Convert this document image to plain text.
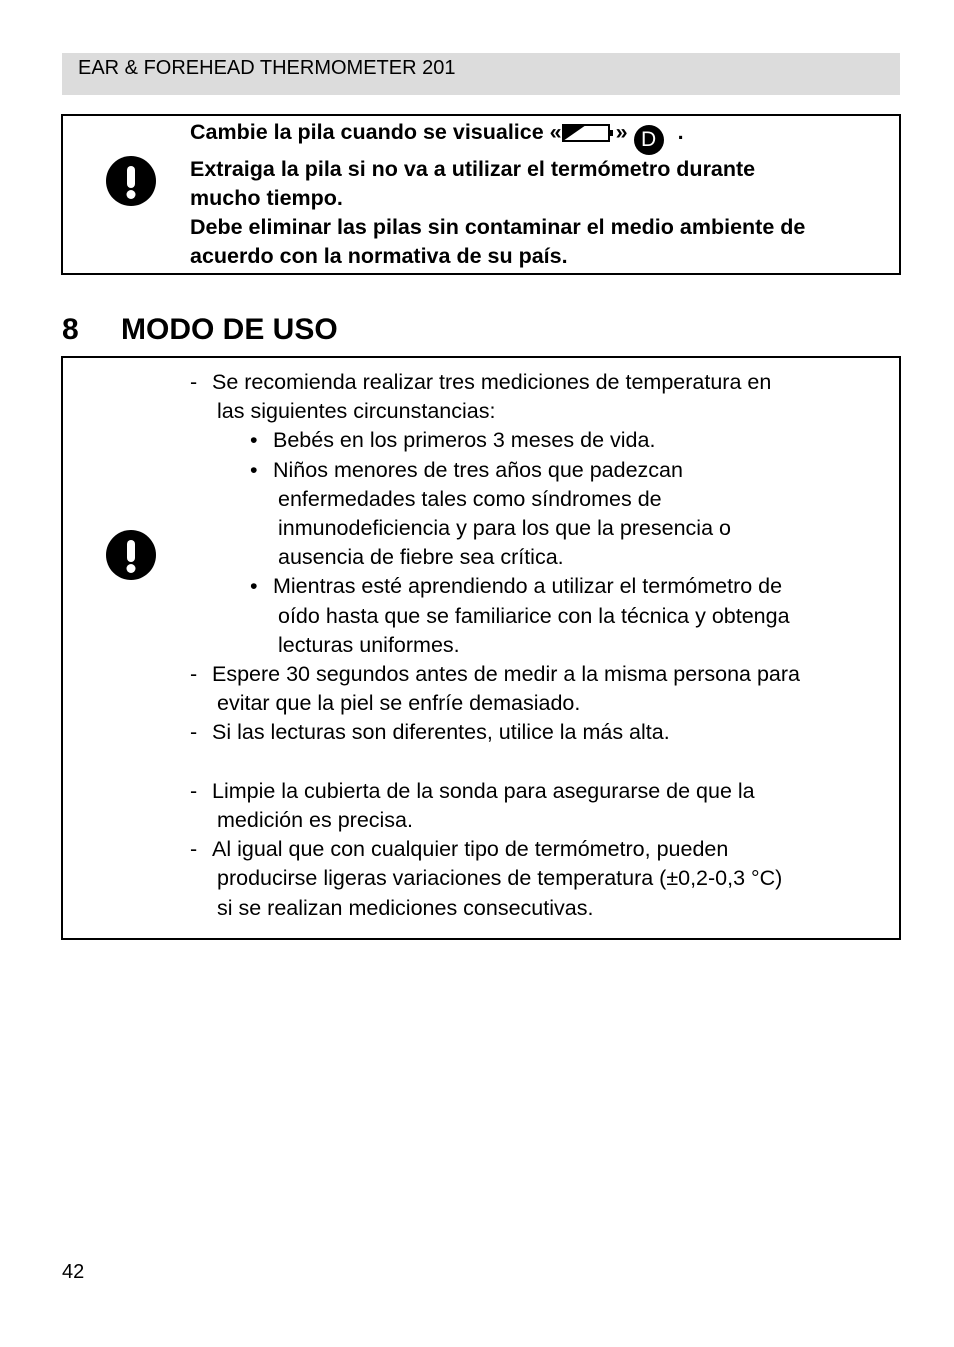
EAR & FOREHEAD THERMOMETER 201
Cambie la pila cuando se visualice «	» D .
Extraiga la pila si no va a utilizar el termómetro durante
mucho tiempo.
Debe eliminar las pilas sin contaminar el medio ambiente de
acuerdo con la normativa de su país.
8 MODO DE USO
- Se recomienda realizar tres mediciones de temperatura en
las siguientes circunstancias:
• Bebés en los primeros 3 meses de vida.
• Niños menores de tres años que padezcan
enfermedades tales como síndromes de
inmunodeficiencia y para los que la presencia o
ausencia de fiebre sea crítica.
• Mientras esté aprendiendo a utilizar el termómetro de
oído hasta que se familiarice con la técnica y obtenga
lecturas uniformes.
- Espere 30 segundos antes de medir a la misma persona para
evitar que la piel se enfríe demasiado.
- Si las lecturas son diferentes, utilice la más alta.
- Limpie la cubierta de la sonda para asegurarse de que la
medición es precisa.
- Al igual que con cualquier tipo de termómetro, pueden
producirse ligeras variaciones de temperatura (±0,2-0,3 °C)
si se realizan mediciones consecutivas.
42
